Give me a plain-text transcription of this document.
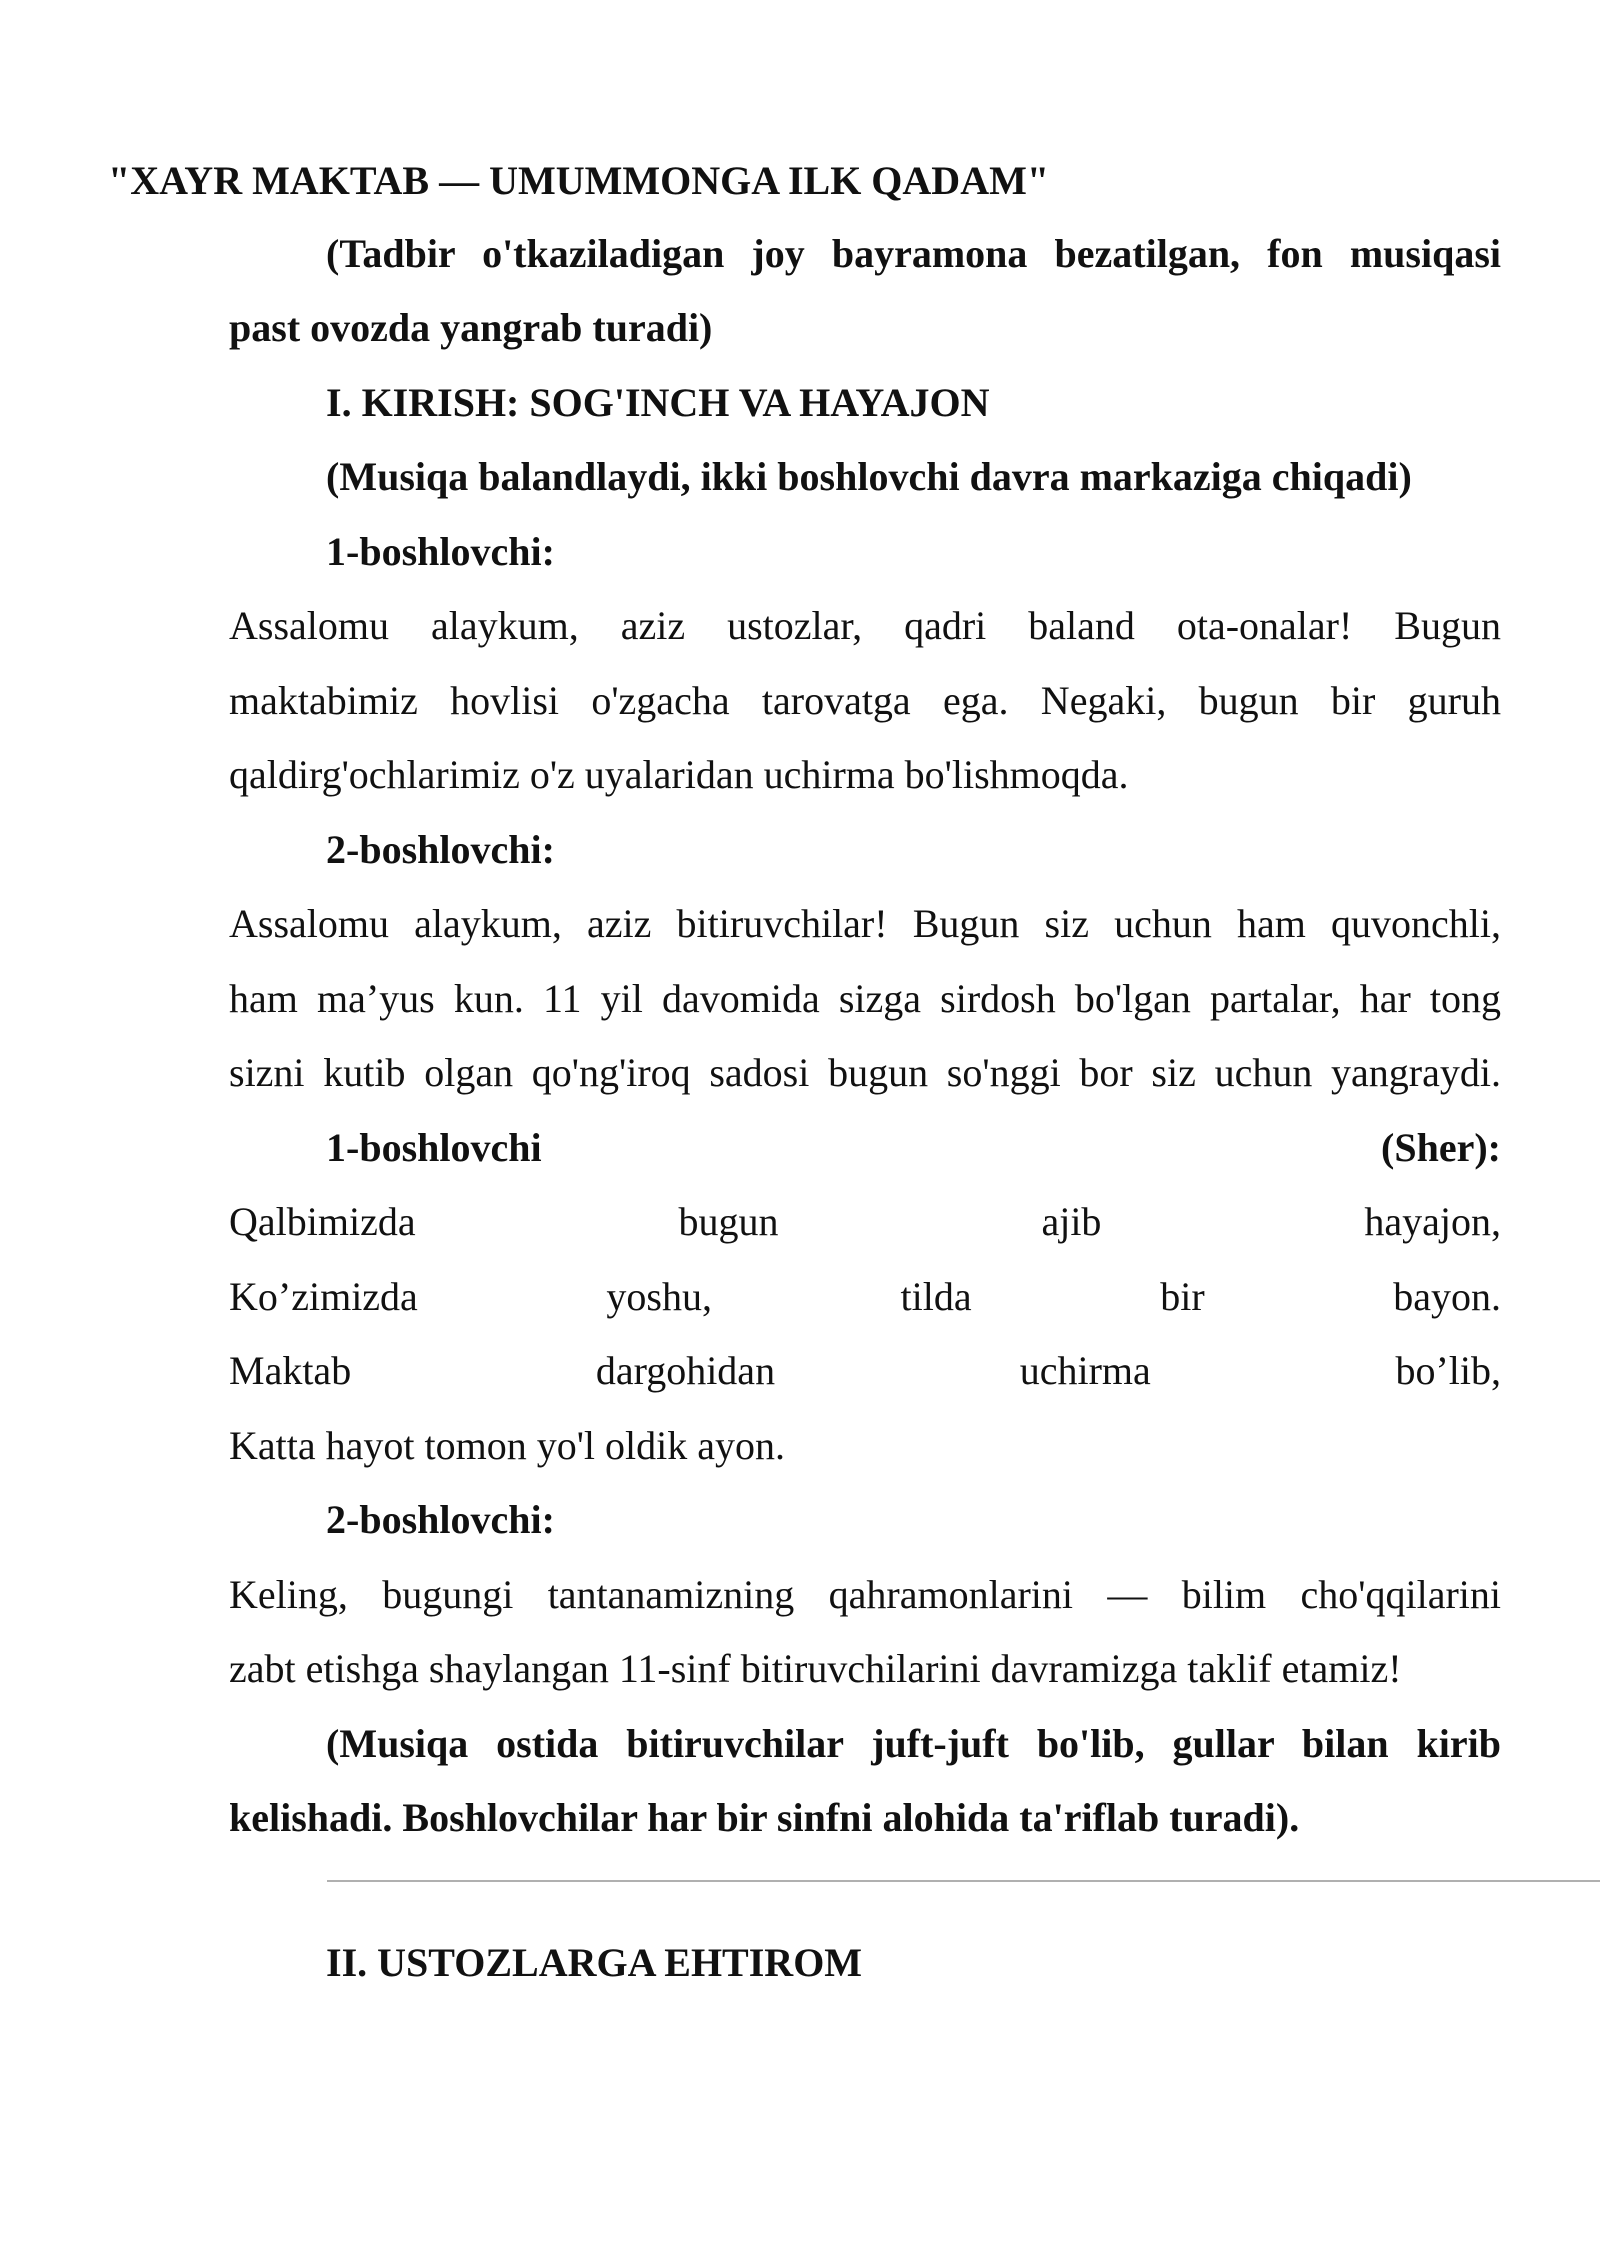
"XAYR MAKTAB — UMUMMONGA ILK QADAM"
(Tadbir o'tkaziladigan joy bayramona bezatilgan, fon musiqasi
past ovozda yangrab turadi)
I. KIRISH: SOG'INCH VA HAYAJON
(Musiqa balandlaydi, ikki boshlovchi davra markaziga chiqadi)
1-boshlovchi:
Assalomu alaykum, aziz ustozlar, qadri baland ota-onalar! Bugun
maktabimiz hovlisi o'zgacha tarovatga ega. Negaki, bugun bir guruh
qaldirg'ochlarimiz o'z uyalaridan uchirma bo'lishmoqda.
2-boshlovchi:
Assalomu alaykum, aziz bitiruvchilar! Bugun siz uchun ham quvonchli,
ham ma’yus kun. 11 yil davomida sizga sirdosh bo'lgan partalar, har tong
sizni kutib olgan qo'ng'iroq sadosi bugun so'nggi bor siz uchun yangraydi.
1-boshlovchi	(Sher):
Qalbimizda	bugun	ajib	hayajon,
Ko’zimizda	yoshu,	tilda	bir	bayon.
Maktab	dargohidan	uchirma	bo’lib,
Katta hayot tomon yo'l oldik ayon.
2-boshlovchi:
Keling, bugungi tantanamizning qahramonlarini — bilim cho'qqilarini
zabt etishga shaylangan 11-sinf bitiruvchilarini davramizga taklif etamiz!
(Musiqa ostida bitiruvchilar juft-juft bo'lib, gullar bilan kirib
kelishadi. Boshlovchilar har bir sinfni alohida ta'riflab turadi).
II. USTOZLARGA EHTIROM
